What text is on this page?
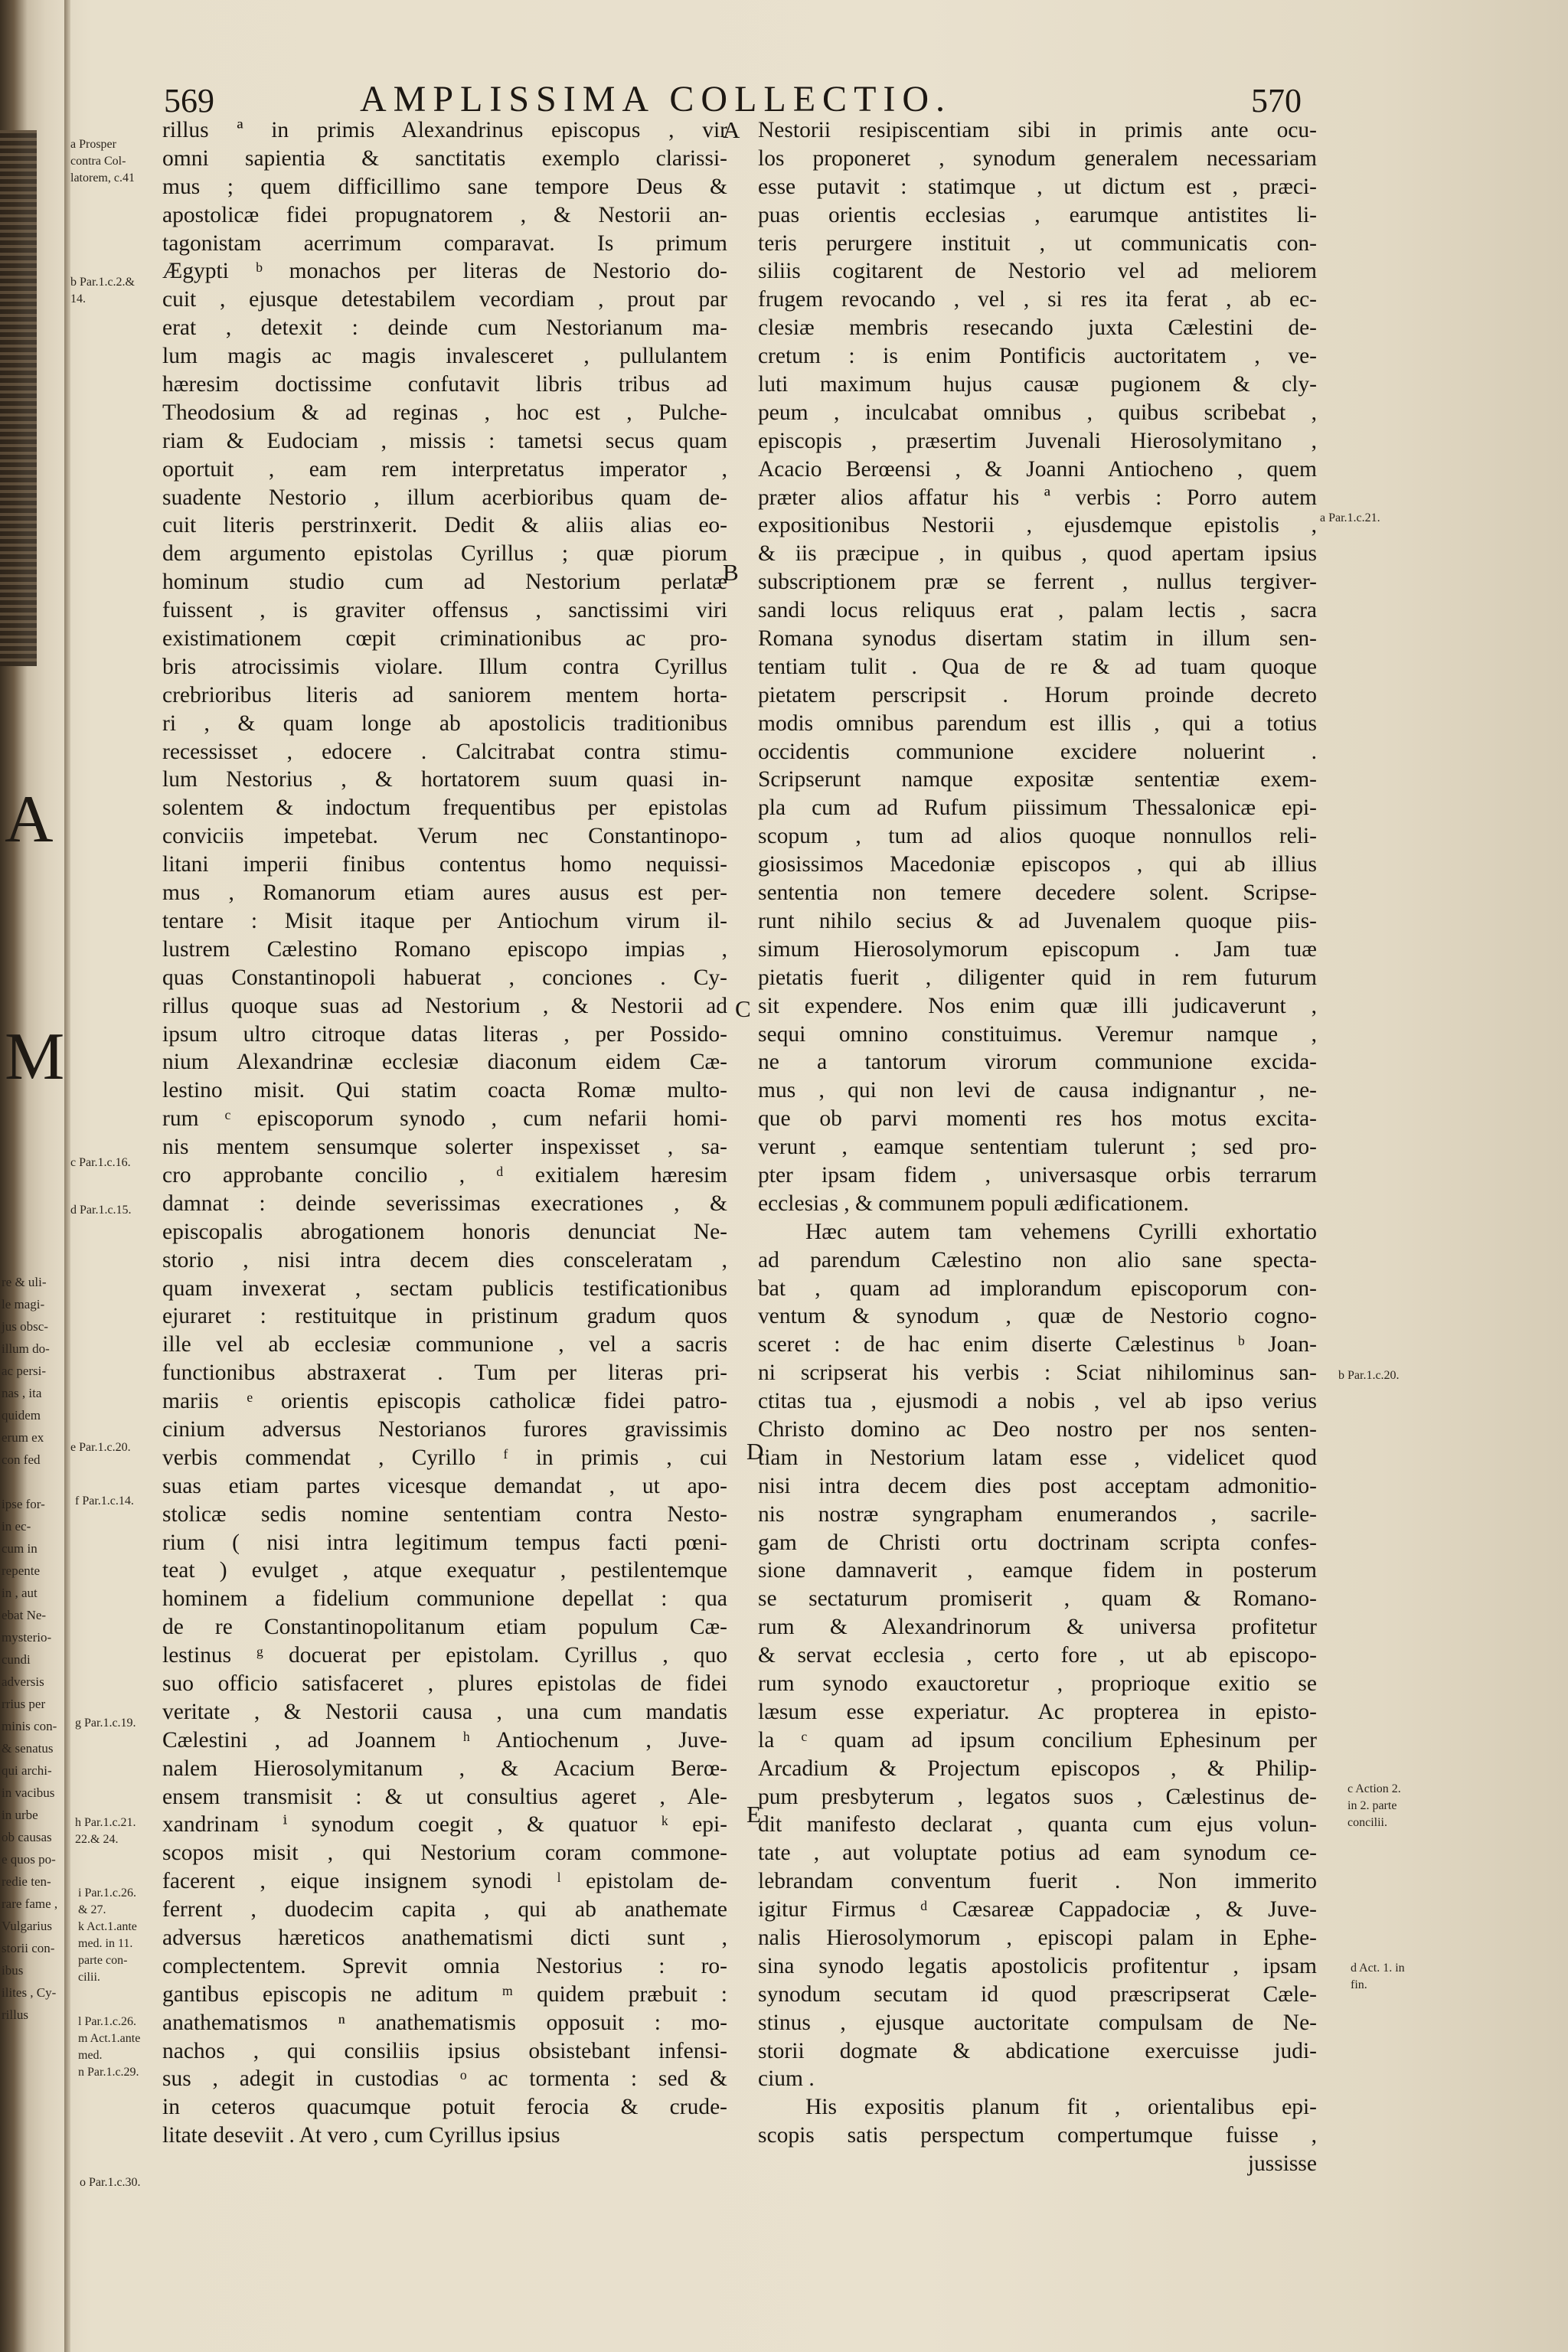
A
M
re & uli-
le magi-
jus obsc-
illum do-
ac persi-
nas , ita
quidem
erum ex
con fed

ipse for-
in ec-
cum in
repente
in , aut
ebat Ne-
mysterio-
cundi
adversis
rrius per
minis con-
& senatus
qui archi-
in vacibus
in urbe
ob causas
e quos po-
redie ten-
rare fame ,
Vulgarius
storii con-
ibus
ilites , Cy-
rillus
569	AMPLISSIMA COLLECTIO.	570
rillus ª in primis Alexandrinus episcopus , vir
omni sapientia & sanctitatis exemplo clarissi-
mus ; quem difficillimo sane tempore Deus &
apostolicæ fidei propugnatorem , & Nestorii an-
tagonistam acerrimum comparavat. Is primum
Ægypti ᵇ monachos per literas de Nestorio do-
cuit , ejusque detestabilem vecordiam , prout par
erat , detexit : deinde cum Nestorianum ma-
lum magis ac magis invalesceret , pullulantem
hæresim doctissime confutavit libris tribus ad
Theodosium & ad reginas , hoc est , Pulche-
riam & Eudociam , missis : tametsi secus quam
oportuit , eam rem interpretatus imperator ,
suadente Nestorio , illum acerbioribus quam de-
cuit literis perstrinxerit. Dedit & aliis alias eo-
dem argumento epistolas Cyrillus ; quæ piorum
hominum studio cum ad Nestorium perlatæ
fuissent , is graviter offensus , sanctissimi viri
existimationem cœpit criminationibus ac pro-
bris atrocissimis violare. Illum contra Cyrillus
crebrioribus literis ad saniorem mentem horta-
ri , & quam longe ab apostolicis traditionibus
recessisset , edocere . Calcitrabat contra stimu-
lum Nestorius , & hortatorem suum quasi in-
solentem & indoctum frequentibus per epistolas
conviciis impetebat. Verum nec Constantinopo-
litani imperii finibus contentus homo nequissi-
mus , Romanorum etiam aures ausus est per-
tentare : Misit itaque per Antiochum virum il-
lustrem Cælestino Romano episcopo impias ,
quas Constantinopoli habuerat , conciones . Cy-
rillus quoque suas ad Nestorium , & Nestorii ad
ipsum ultro citroque datas literas , per Possido-
nium Alexandrinæ ecclesiæ diaconum eidem Cæ-
lestino misit. Qui statim coacta Romæ multo-
rum ᶜ episcoporum synodo , cum nefarii homi-
nis mentem sensumque solerter inspexisset , sa-
cro approbante concilio , ᵈ exitialem hæresim
damnat : deinde severissimas execrationes , &
episcopalis abrogationem honoris denunciat Ne-
storio , nisi intra decem dies consceleratam ,
quam invexerat , sectam publicis testificationibus
ejuraret : restituitque in pristinum gradum quos
ille vel ab ecclesiæ communione , vel a sacris
functionibus abstraxerat . Tum per literas pri-
mariis ᵉ orientis episcopis catholicæ fidei patro-
cinium adversus Nestorianos furores gravissimis
verbis commendat , Cyrillo ᶠ in primis , cui
suas etiam partes vicesque demandat , ut apo-
stolicæ sedis nomine sententiam contra Nesto-
rium ( nisi intra legitimum tempus facti pœni-
teat ) evulget , atque exequatur , pestilentemque
hominem a fidelium communione depellat : qua
de re Constantinopolitanum etiam populum Cæ-
lestinus ᵍ docuerat per epistolam. Cyrillus , quo
suo officio satisfaceret , plures epistolas de fidei
veritate , & Nestorii causa , una cum mandatis
Cælestini , ad Joannem ʰ Antiochenum , Juve-
nalem Hierosolymitanum , & Acacium Berœ-
ensem transmisit : & ut consultius ageret , Ale-
xandrinam ⁱ synodum coegit , & quatuor ᵏ epi-
scopos misit , qui Nestorium coram commone-
facerent , eique insignem synodi ˡ epistolam de-
ferrent , duodecim capita , qui ab anathemate
adversus hæreticos anathematismi dicti sunt ,
complectentem. Sprevit omnia Nestorius : ro-
gantibus episcopis ne aditum ᵐ quidem præbuit :
anathematismos ⁿ anathematismis opposuit : mo-
nachos , qui consiliis ipsius obsistebant infensi-
sus , adegit in custodias ᵒ ac tormenta : sed &
in ceteros quacumque potuit ferocia & crude-
litate deseviit . At vero , cum Cyrillus ipsius
Nestorii resipiscentiam sibi in primis ante ocu-
los proponeret , synodum generalem necessariam
esse putavit : statimque , ut dictum est , præci-
puas orientis ecclesias , earumque antistites li-
teris perurgere instituit , ut communicatis con-
siliis cogitarent de Nestorio vel ad meliorem
frugem revocando , vel , si res ita ferat , ab ec-
clesiæ membris resecando juxta Cælestini de-
cretum : is enim Pontificis auctoritatem , ve-
luti maximum hujus causæ pugionem & cly-
peum , inculcabat omnibus , quibus scribebat ,
episcopis , præsertim Juvenali Hierosolymitano ,
Acacio Berœensi , & Joanni Antiocheno , quem
præter alios affatur his ª verbis : Porro autem
expositionibus Nestorii , ejusdemque epistolis ,
& iis præcipue , in quibus , quod apertam ipsius
subscriptionem præ se ferrent , nullus tergiver-
sandi locus reliquus erat , palam lectis , sacra
Romana synodus disertam statim in illum sen-
tentiam tulit . Qua de re & ad tuam quoque
pietatem perscripsit . Horum proinde decreto
modis omnibus parendum est illis , qui a totius
occidentis communione excidere noluerint .
Scripserunt namque expositæ sententiæ exem-
pla cum ad Rufum piissimum Thessalonicæ epi-
scopum , tum ad alios quoque nonnullos reli-
giosissimos Macedoniæ episcopos , qui ab illius
sententia non temere decedere solent. Scripse-
runt nihilo secius & ad Juvenalem quoque piis-
simum Hierosolymorum episcopum . Jam tuæ
pietatis fuerit , diligenter quid in rem futurum
sit expendere. Nos enim quæ illi judicaverunt ,
sequi omnino constituimus. Veremur namque ,
ne a tantorum virorum communione excida-
mus , qui non levi de causa indignantur , ne-
que ob parvi momenti res hos motus excita-
verunt , eamque sententiam tulerunt ; sed pro-
pter ipsam fidem , universasque orbis terrarum
ecclesias , & communem populi ædificationem.
Hæc autem tam vehemens Cyrilli exhortatio
ad parendum Cælestino non alio sane specta-
bat , quam ad implorandum episcoporum con-
ventum & synodum , quæ de Nestorio cogno-
sceret : de hac enim diserte Cælestinus ᵇ Joan-
ni scripserat his verbis : Sciat nihilominus san-
ctitas tua , ejusmodi a nobis , vel ab ipso verius
Christo domino ac Deo nostro per nos senten-
tiam in Nestorium latam esse , videlicet quod
nisi intra decem dies post acceptam admonitio-
nis nostræ syngrapham enumerandos , sacrile-
gam de Christi ortu doctrinam scripta confes-
sione damnaverit , eamque fidem in posterum
se sectaturum promiserit , quam & Romano-
rum & Alexandrinorum & universa profitetur
& servat ecclesia , certo fore , ut ab episcopo-
rum synodo exauctoretur , proprioque exitio se
læsum esse experiatur. Ac propterea in episto-
la ᶜ quam ad ipsum concilium Ephesinum per
Arcadium & Projectum episcopos , & Philip-
pum presbyterum , legatos suos , Cælestinus de-
dit manifesto declarat , quanta cum ejus volun-
tate , aut voluptate potius ad eam synodum ce-
lebrandam conventum fuerit . Non immerito
igitur Firmus ᵈ Cæsareæ Cappadociæ , & Juve-
nalis Hierosolymorum , episcopi palam in Ephe-
sina synodo legatis apostolicis profitentur , ipsam
synodum secutam id quod præscripserat Cæle-
stinus , ejusque auctoritate compulsam de Ne-
storii dogmate & abdicatione exercuisse judi-
cium .
His expositis planum fit , orientalibus epi-
scopis satis perspectum compertumque fuisse ,
jussisse
A
B
C
D
E
a Prosper
contra Col-
latorem, c.41
b Par.1.c.2.&
14.
c Par.1.c.16.
d Par.1.c.15.
e Par.1.c.20.
f Par.1.c.14.
g Par.1.c.19.
h Par.1.c.21.
22.& 24.
i Par.1.c.26.
& 27.
k Act.1.ante
med. in 11.
parte con-
cilii.
l Par.1.c.26.
m Act.1.ante
med.
n Par.1.c.29.
o Par.1.c.30.
a Par.1.c.21.
b Par.1.c.20.
c Action 2.
in 2. parte
concilii.
d Act. 1. in
fin.
